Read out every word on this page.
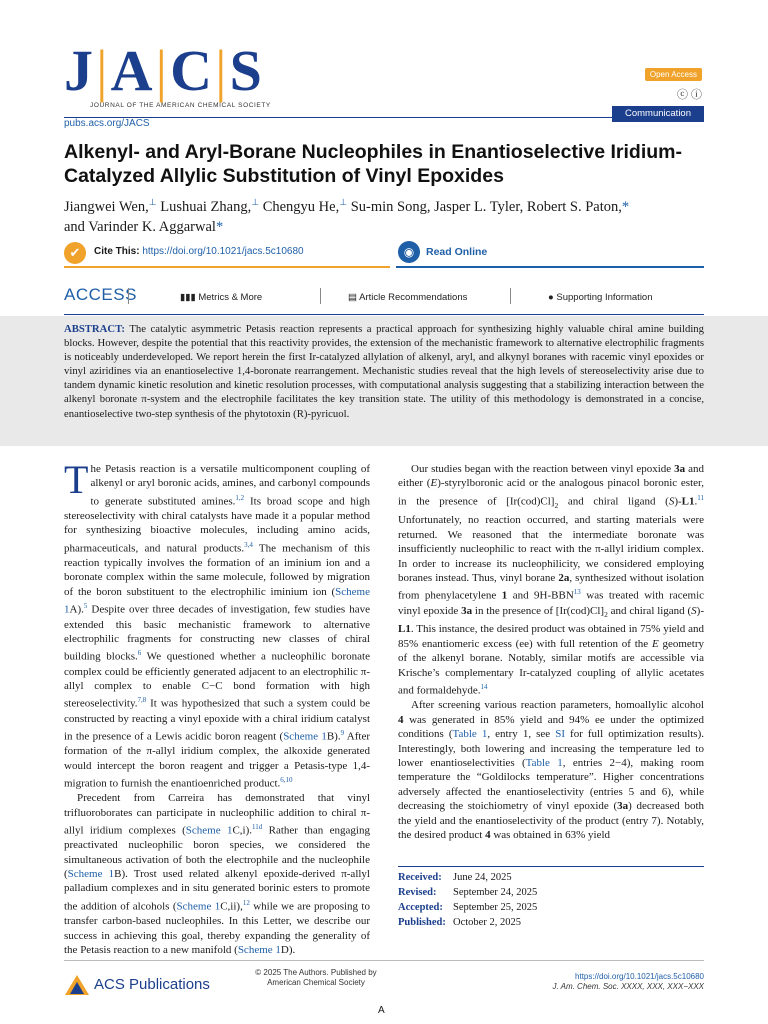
J|A|C|S
JOURNAL OF THE AMERICAN CHEMICAL SOCIETY
pubs.acs.org/JACS
Open Access
ⓒ ⓘ
Communication
Alkenyl- and Aryl-Borane Nucleophiles in Enantioselective Iridium-Catalyzed Allylic Substitution of Vinyl Epoxides
Jiangwei Wen,⊥ Lushuai Zhang,⊥ Chengyu He,⊥ Su-min Song, Jasper L. Tyler, Robert S. Paton,*
and Varinder K. Aggarwal*
✔	Cite This: https://doi.org/10.1021/jacs.5c10680	◉	Read Online
ACCESS	▮▮▮ Metrics & More	▤ Article Recommendations	● Supporting Information
ABSTRACT: The catalytic asymmetric Petasis reaction represents a practical approach for synthesizing highly valuable chiral amine building blocks. However, despite the potential that this reactivity provides, the extension of the mechanistic framework to alternative electrophilic fragments is noticeably underdeveloped. We report herein the first Ir-catalyzed allylation of alkenyl, aryl, and alkynyl boranes with racemic vinyl epoxides or vinyl aziridines via an enantioselective 1,4-boronate rearrangement. Mechanistic studies reveal that the high levels of stereoselectivity arise due to tandem dynamic kinetic resolution and kinetic resolution processes, with computational analysis suggesting that a stabilizing interaction between the alkenyl boronate π-system and the electrophile facilitates the key transition state. The utility of this methodology is demonstrated in a concise, enantioselective two-step synthesis of the phytotoxin (R)-pyricuol.

The Petasis reaction is a versatile multicomponent coupling of alkenyl or aryl boronic acids, amines, and carbonyl compounds to generate substituted amines.$^{1,2}$ Its broad scope and high stereoselectivity with chiral catalysts have made it a popular method for synthesizing bioactive molecules, including amino acids, pharmaceuticals, and natural products.$^{3,4}$ The mechanism of this reaction typically involves the formation of an iminium ion and a boronate complex within the same molecule, followed by migration of the boron substituent to the electrophilic iminium ion (Scheme 1A).$^5$ Despite over three decades of investigation, few studies have extended this basic mechanistic framework to alternative electrophilic fragments for constructing new classes of chiral building blocks.$^6$ We questioned whether a nucleophilic boronate complex could be efficiently generated adjacent to an electrophilic π-allyl complex to enable C−C bond formation with high stereoselectivity.$^{7,8}$ It was hypothesized that such a system could be constructed by reacting a vinyl epoxide with a chiral iridium catalyst in the presence of a Lewis acidic boron reagent (Scheme 1B).$^9$ After formation of the π-allyl iridium complex, the alkoxide generated would intercept the boron reagent and trigger a Petasis-type 1,4-migration to furnish the enantioenriched product.$^{6,10}$

Precedent from Carreira has demonstrated that vinyl trifluoroborates can participate in nucleophilic addition to chiral π-allyl iridium complexes (Scheme 1C,i).$^{11d}$ Rather than engaging preactivated nucleophilic boron species, we considered the simultaneous activation of both the electrophile and the nucleophile (Scheme 1B). Trost used related alkenyl epoxide-derived π-allyl palladium complexes and in situ generated borinic esters to promote the addition of alcohols (Scheme 1C,ii),$^{12}$ while we are proposing to transfer carbon-based nucleophiles. In this Letter, we describe our success in achieving this goal, thereby expanding the generality of the Petasis reaction to a new manifold (Scheme 1D).

Our studies began with the reaction between vinyl epoxide 3a and either (E)-styrylboronic acid or the analogous pinacol boronic ester, in the presence of $[Ir(cod)Cl]_2$ and chiral ligand (S)-L1.11 Unfortunately, no reaction occurred, and starting materials were returned. We reasoned that the intermediate boronate was insufficiently nucleophilic to react with the π-allyl iridium complex. In order to increase its nucleophilicity, we considered employing boranes instead. Thus, vinyl borane 2a, synthesized without isolation from phenylacetylene 1 and 9H-BBN$^{13}$ was treated with racemic vinyl epoxide 3a in the presence of $[Ir(cod)Cl]_2$ and chiral ligand (S)-L1. This instance, the desired product was obtained in 75% yield and 85% enantiomeric excess (ee) with full retention of the E geometry of the alkenyl borane. Notably, similar motifs are accessible via Krische’s complementary Ir-catalyzed coupling of allylic acetates and formaldehyde.$^{14}$

After screening various reaction parameters, homoallylic alcohol 4 was generated in 85% yield and 94% ee under the optimized conditions (Table 1, entry 1, see SI for full optimization results). Interestingly, both lowering and increasing the temperature led to lower enantioselectivities (Table 1, entries 2−4), making room temperature the “Goldilocks temperature”. Higher concentrations adversely affected the enantioselectivity (entries 5 and 6), while decreasing the stoichiometry of vinyl epoxide (3a) decreased both the yield and the enantioselectivity of the product (entry 7). Notably, the desired product 4 was obtained in 63% yield

Received:	June 24, 2025
Revised:	September 24, 2025
Accepted: September 25, 2025
Published: October 2, 2025
ACS Publications
© 2025 The Authors. Published by
American Chemical Society
A
https://doi.org/10.1021/jacs.5c10680
J. Am. Chem. Soc. XXXX, XXX, XXX−XXX
